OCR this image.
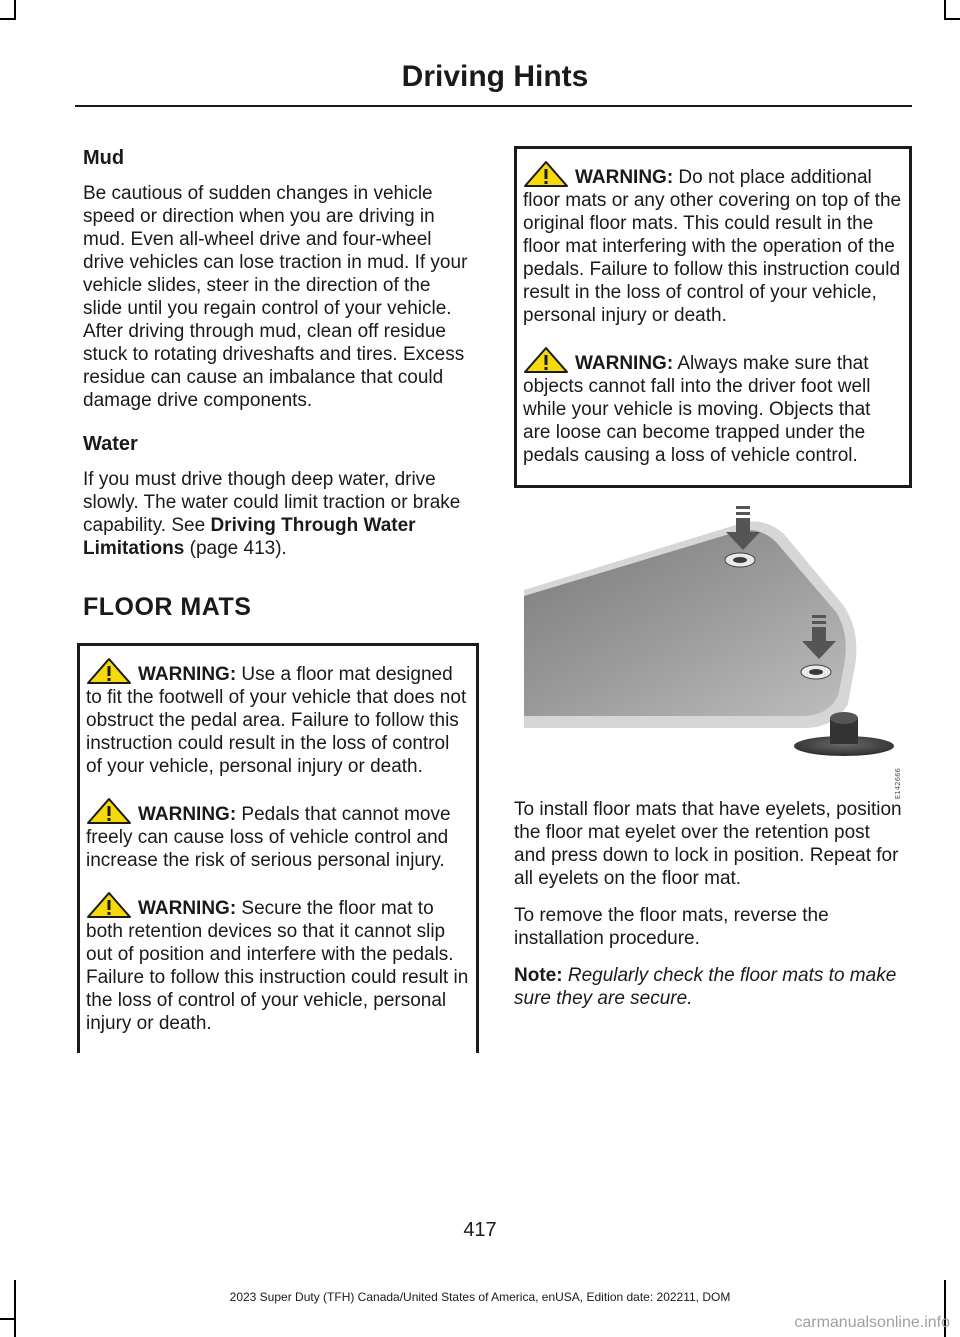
Driving Hints
Mud

Be cautious of sudden changes in vehicle speed or direction when you are driving in mud. Even all-wheel drive and four-wheel drive vehicles can lose traction in mud. If your vehicle slides, steer in the direction of the slide until you regain control of your vehicle. After driving through mud, clean off residue stuck to rotating driveshafts and tires. Excess residue can cause an imbalance that could damage drive components.

Water

If you must drive though deep water, drive slowly. The water could limit traction or brake capability. See Driving Through Water Limitations (page 413).

FLOOR MATS
WARNING: Use a floor mat designed to fit the footwell of your vehicle that does not obstruct the pedal area. Failure to follow this instruction could result in the loss of control of your vehicle, personal injury or death.
WARNING: Pedals that cannot move freely can cause loss of vehicle control and increase the risk of serious personal injury.
WARNING: Secure the floor mat to both retention devices so that it cannot slip out of position and interfere with the pedals. Failure to follow this instruction could result in the loss of control of your vehicle, personal injury or death.
WARNING: Do not place additional floor mats or any other covering on top of the original floor mats. This could result in the floor mat interfering with the operation of the pedals. Failure to follow this instruction could result in the loss of control of your vehicle, personal injury or death.
WARNING: Always make sure that objects cannot fall into the driver foot well while your vehicle is moving. Objects that are loose can become trapped under the pedals causing a loss of vehicle control.
E142666

To install floor mats that have eyelets, position the floor mat eyelet over the retention post and press down to lock in position. Repeat for all eyelets on the floor mat.

To remove the floor mats, reverse the installation procedure.

Note: Regularly check the floor mats to make sure they are secure.

417
2023 Super Duty (TFH) Canada/United States of America, enUSA, Edition date: 202211, DOM
carmanualsonline.info
